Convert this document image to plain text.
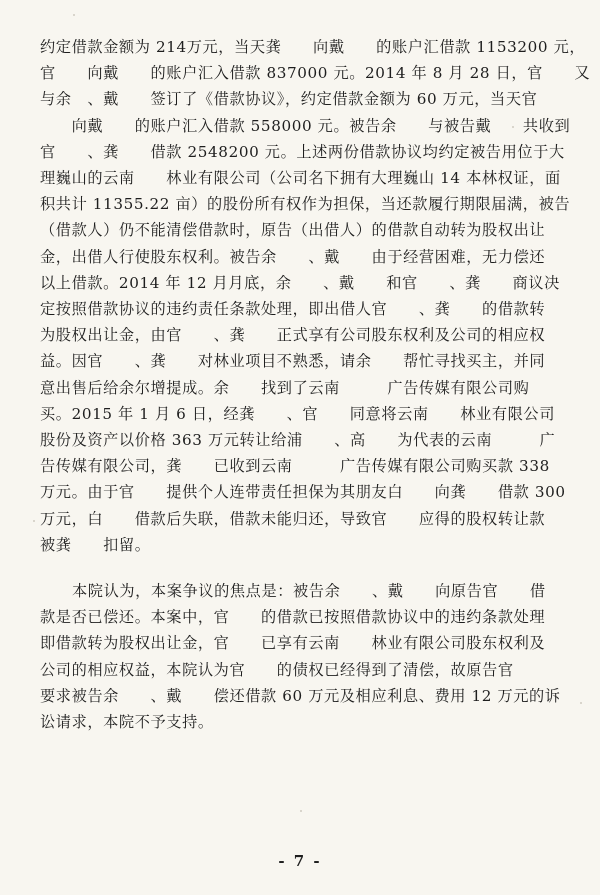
约定借款金额为 214万元，当天龚　　向戴　　的账户汇借款 1153200 元，

官　　向戴　　的账户汇入借款 837000 元。2014 年 8 月 28 日，官　　又

与余　、戴　　签订了《借款协议》，约定借款金额为 60 万元，当天官

　　向戴　　的账户汇入借款 558000 元。被告余　　与被告戴　　共收到

官　　、龚　　借款 2548200 元。上述两份借款协议均约定被告用位于大

理巍山的云南　　林业有限公司（公司名下拥有大理巍山 14 本林权证，面

积共计 11355.22 亩）的股份所有权作为担保，当还款履行期限届满，被告

（借款人）仍不能清偿借款时，原告（出借人）的借款自动转为股权出让

金，出借人行使股东权利。被告余　　、戴　　由于经营困难，无力偿还

以上借款。2014 年 12 月月底，余　　、戴　　和官　　、龚　　商议决

定按照借款协议的违约责任条款处理，即出借人官　　、龚　　的借款转

为股权出让金，由官　　、龚　　正式享有公司股东权利及公司的相应权

益。因官　　、龚　　对林业项目不熟悉，请余　　帮忙寻找买主，并同

意出售后给余尔增提成。余　　找到了云南　　　广告传媒有限公司购

买。2015 年 1 月 6 日，经龚　　、官　　同意将云南　　林业有限公司

股份及资产以价格 363 万元转让给浦　　、高　　为代表的云南　　　广

告传媒有限公司，龚　　已收到云南　　　广告传媒有限公司购买款 338

万元。由于官　　提供个人连带责任担保为其朋友白　　向龚　　借款 300

万元，白　　借款后失联，借款未能归还，导致官　　应得的股权转让款

被龚　　扣留。

本院认为，本案争议的焦点是：被告余　　、戴　　向原告官　　借

款是否已偿还。本案中，官　　的借款已按照借款协议中的违约条款处理

即借款转为股权出让金，官　　已享有云南　　林业有限公司股东权利及

公司的相应权益，本院认为官　　的债权已经得到了清偿，故原告官　　

要求被告余　　、戴　　偿还借款 60 万元及相应利息、费用 12 万元的诉

讼请求，本院不予支持。

- 7 -
